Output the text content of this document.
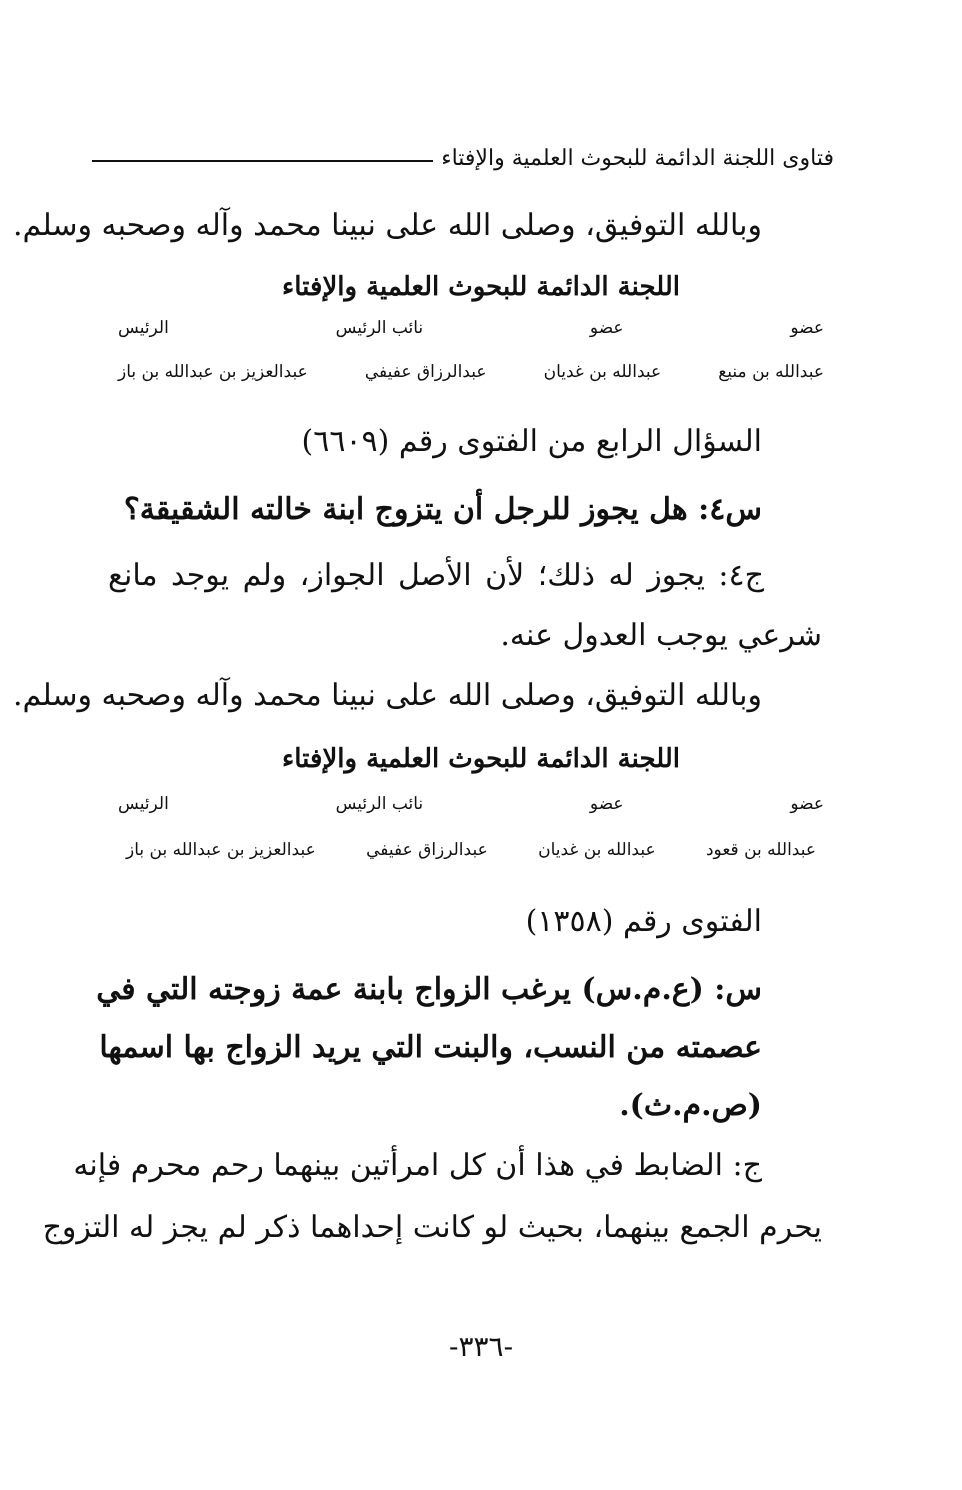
فتاوى اللجنة الدائمة للبحوث العلمية والإفتاء
وبالله التوفيق، وصلى الله على نبينا محمد وآله وصحبه وسلم.
اللجنة الدائمة للبحوث العلمية والإفتاء
عضو
عضو
نائب الرئيس
الرئيس
عبدالله بن منيع
عبدالله بن غديان
عبدالرزاق عفيفي
عبدالعزيز بن عبدالله بن باز
السؤال الرابع من الفتوى رقم (٦٦٠٩)
س٤: هل يجوز للرجل أن يتزوج ابنة خالته الشقيقة؟
ج٤: يجوز له ذلك؛ لأن الأصل الجواز، ولم يوجد مانع
شرعي يوجب العدول عنه.
وبالله التوفيق، وصلى الله على نبينا محمد وآله وصحبه وسلم.
اللجنة الدائمة للبحوث العلمية والإفتاء
عضو
عضو
نائب الرئيس
الرئيس
عبدالله بن قعود
عبدالله بن غديان
عبدالرزاق عفيفي
عبدالعزيز بن عبدالله بن باز
الفتوى رقم (١٣٥٨)
س: (ع.م.س) يرغب الزواج بابنة عمة زوجته التي في
عصمته من النسب، والبنت التي يريد الزواج بها اسمها
(ص.م.ث).
ج: الضابط في هذا أن كل امرأتين بينهما رحم محرم فإنه
يحرم الجمع بينهما، بحيث لو كانت إحداهما ذكر لم يجز له التزوج
-٣٣٦-
